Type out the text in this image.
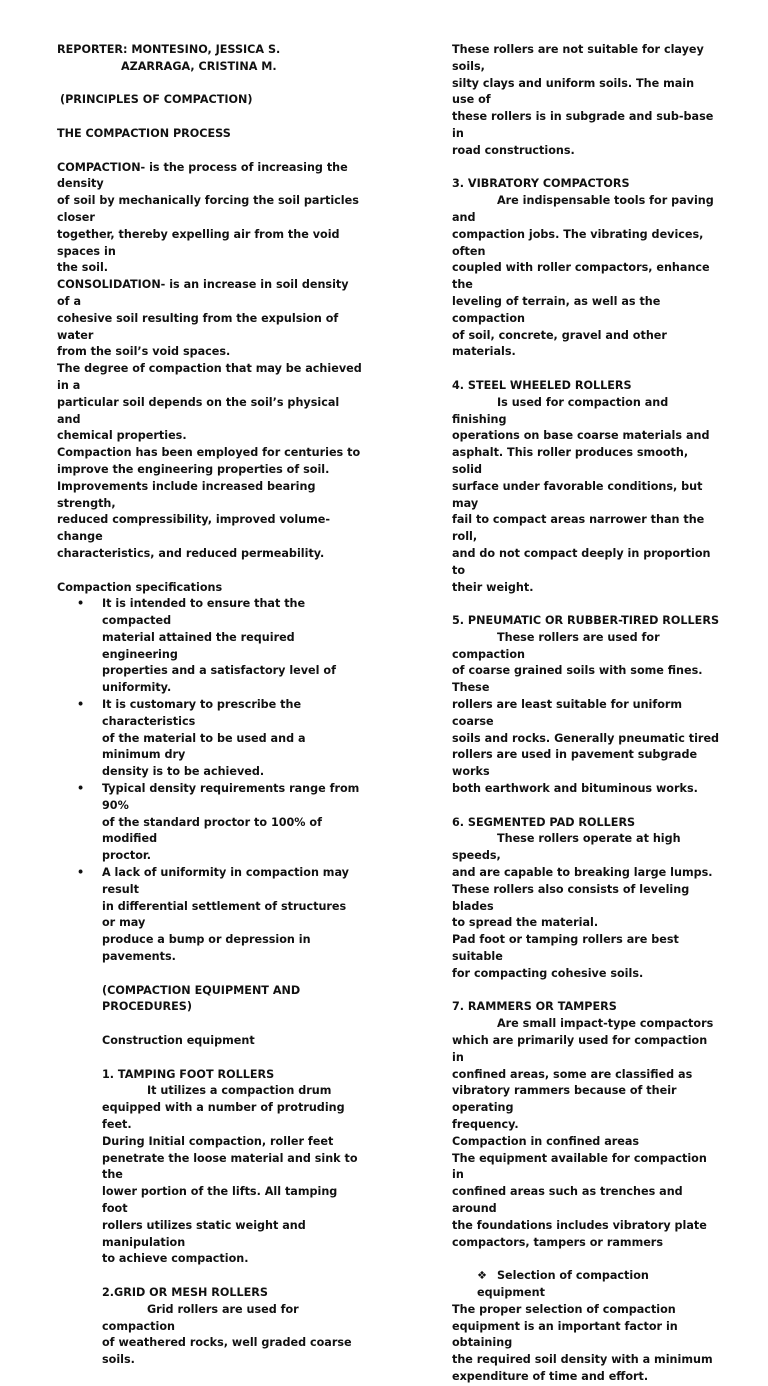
REPORTER: MONTESINO, JESSICA S.

AZARRAGA, CRISTINA M.

(PRINCIPLES OF COMPACTION)

THE COMPACTION PROCESS

COMPACTION- is the process of increasing the density

of soil by mechanically forcing the soil particles closer

together, thereby expelling air from the void spaces in

the soil.

CONSOLIDATION- is an increase in soil density of a

cohesive soil resulting from the expulsion of water

from the soil’s void spaces.

The degree of compaction that may be achieved in a

particular soil depends on the soil’s physical and

chemical properties.

Compaction has been employed for centuries to

improve the engineering properties of soil.

Improvements include increased bearing strength,

reduced compressibility, improved volume-change

characteristics, and reduced permeability.

Compaction specifications

• It is intended to ensure that the compacted

material attained the required engineering

properties and a satisfactory level of

uniformity.

• It is customary to prescribe the characteristics

of the material to be used and a minimum dry

density is to be achieved.

• Typical density requirements range from 90%

of the standard proctor to 100% of modified

proctor.

• A lack of uniformity in compaction may result

in differential settlement of structures or may

produce a bump or depression in pavements.

(COMPACTION EQUIPMENT AND

PROCEDURES)

Construction equipment

1. TAMPING FOOT ROLLERS

It utilizes a compaction drum

equipped with a number of protruding feet.

During Initial compaction, roller feet

penetrate the loose material and sink to the

lower portion of the lifts. All tamping foot

rollers utilizes static weight and manipulation

to achieve compaction.

2.GRID OR MESH ROLLERS

Grid rollers are used for compaction

of weathered rocks, well graded coarse soils.

These rollers are not suitable for clayey soils,

silty clays and uniform soils. The main use of

these rollers is in subgrade and sub-base in

road constructions.

3. VIBRATORY COMPACTORS

Are indispensable tools for paving and

compaction jobs. The vibrating devices, often

coupled with roller compactors, enhance the

leveling of terrain, as well as the compaction

of soil, concrete, gravel and other materials.

4. STEEL WHEELED ROLLERS

Is used for compaction and finishing

operations on base coarse materials and

asphalt. This roller produces smooth, solid

surface under favorable conditions, but may

fail to compact areas narrower than the roll,

and do not compact deeply in proportion to

their weight.

5. PNEUMATIC OR RUBBER-TIRED ROLLERS

These rollers are used for compaction

of coarse grained soils with some fines. These

rollers are least suitable for uniform coarse

soils and rocks. Generally pneumatic tired

rollers are used in pavement subgrade works

both earthwork and bituminous works.

6. SEGMENTED PAD ROLLERS

These rollers operate at high speeds,

and are capable to breaking large lumps.

These rollers also consists of leveling blades

to spread the material.

Pad foot or tamping rollers are best suitable

for compacting cohesive soils.

7. RAMMERS OR TAMPERS

Are small impact-type compactors

which are primarily used for compaction in

confined areas, some are classified as

vibratory rammers because of their operating

frequency.

Compaction in confined areas

The equipment available for compaction in

confined areas such as trenches and around

the foundations includes vibratory plate

compactors, tampers or rammers

❖ Selection of compaction equipment

The proper selection of compaction

equipment is an important factor in obtaining

the required soil density with a minimum

expenditure of time and effort.
